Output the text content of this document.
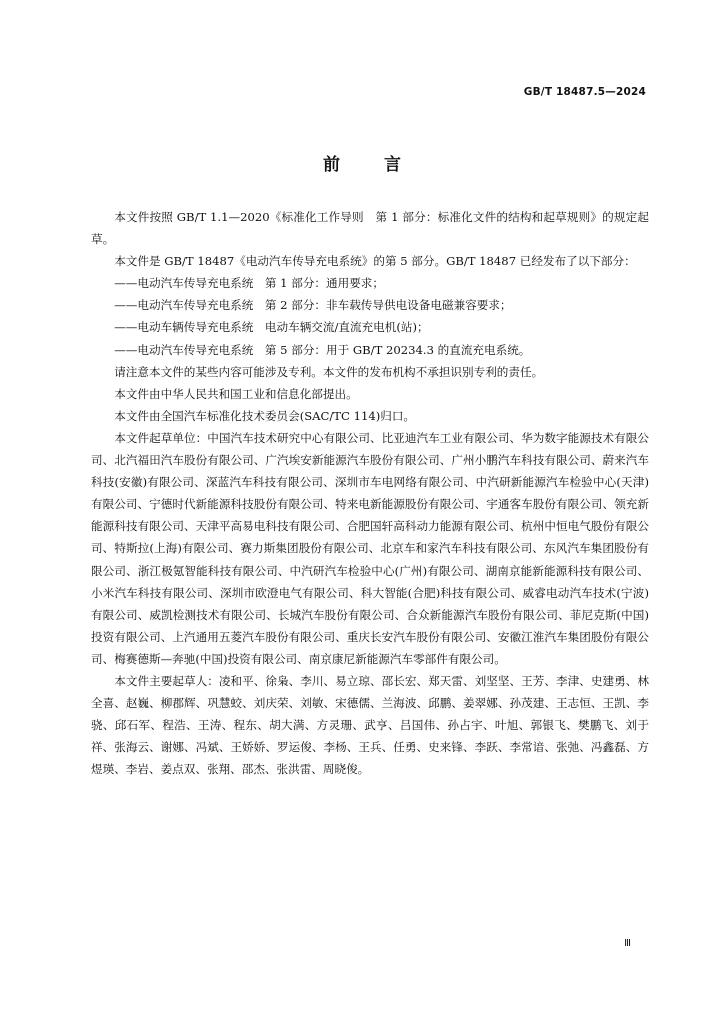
GB/T 18487.5—2024
前	言

本文件按照 GB/T 1.1—2020《标准化工作导则　第 1 部分：标准化文件的结构和起草规则》的规定起草。

本文件是 GB/T 18487《电动汽车传导充电系统》的第 5 部分。GB/T 18487 已经发布了以下部分：

——电动汽车传导充电系统　第 1 部分：通用要求；

——电动汽车传导充电系统　第 2 部分：非车载传导供电设备电磁兼容要求；

——电动车辆传导充电系统　电动车辆交流/直流充电机(站)；

——电动汽车传导充电系统　第 5 部分：用于 GB/T 20234.3 的直流充电系统。

请注意本文件的某些内容可能涉及专利。本文件的发布机构不承担识别专利的责任。

本文件由中华人民共和国工业和信息化部提出。

本文件由全国汽车标准化技术委员会(SAC/TC 114)归口。

本文件起草单位：中国汽车技术研究中心有限公司、比亚迪汽车工业有限公司、华为数字能源技术有限公司、北汽福田汽车股份有限公司、广汽埃安新能源汽车股份有限公司、广州小鹏汽车科技有限公司、蔚来汽车科技(安徽)有限公司、深蓝汽车科技有限公司、深圳市车电网络有限公司、中汽研新能源汽车检验中心(天津)有限公司、宁德时代新能源科技股份有限公司、特来电新能源股份有限公司、宇通客车股份有限公司、领充新能源科技有限公司、天津平高易电科技有限公司、合肥国轩高科动力能源有限公司、杭州中恒电气股份有限公司、特斯拉(上海)有限公司、赛力斯集团股份有限公司、北京车和家汽车科技有限公司、东风汽车集团股份有限公司、浙江极氪智能科技有限公司、中汽研汽车检验中心(广州)有限公司、湖南京能新能源科技有限公司、小米汽车科技有限公司、深圳市欧澄电气有限公司、科大智能(合肥)科技有限公司、威睿电动汽车技术(宁波)有限公司、威凯检测技术有限公司、长城汽车股份有限公司、合众新能源汽车股份有限公司、菲尼克斯(中国)投资有限公司、上汽通用五菱汽车股份有限公司、重庆长安汽车股份有限公司、安徽江淮汽车集团股份有限公司、梅赛德斯—奔驰(中国)投资有限公司、南京康尼新能源汽车零部件有限公司。

本文件主要起草人：凌和平、徐枭、李川、易立琼、邵长宏、郑天雷、刘坚坚、王芳、李津、史建勇、林全喜、赵巍、柳郡辉、巩慧蛟、刘庆荣、刘敏、宋德儒、兰海波、邱鹏、姜翠娜、孙茂建、王志恒、王凯、李骁、邱石军、程浩、王涛、程东、胡大满、方灵珊、武亨、吕国伟、孙占宇、叶旭、郭银飞、樊鹏飞、刘于祥、张海云、谢娜、冯斌、王娇娇、罗运俊、李杨、王兵、任勇、史来锋、李跃、李常谙、张弛、冯鑫磊、方煜瑛、李岩、姜点双、张翔、邵杰、张洪雷、周晓俊。

Ⅲ
